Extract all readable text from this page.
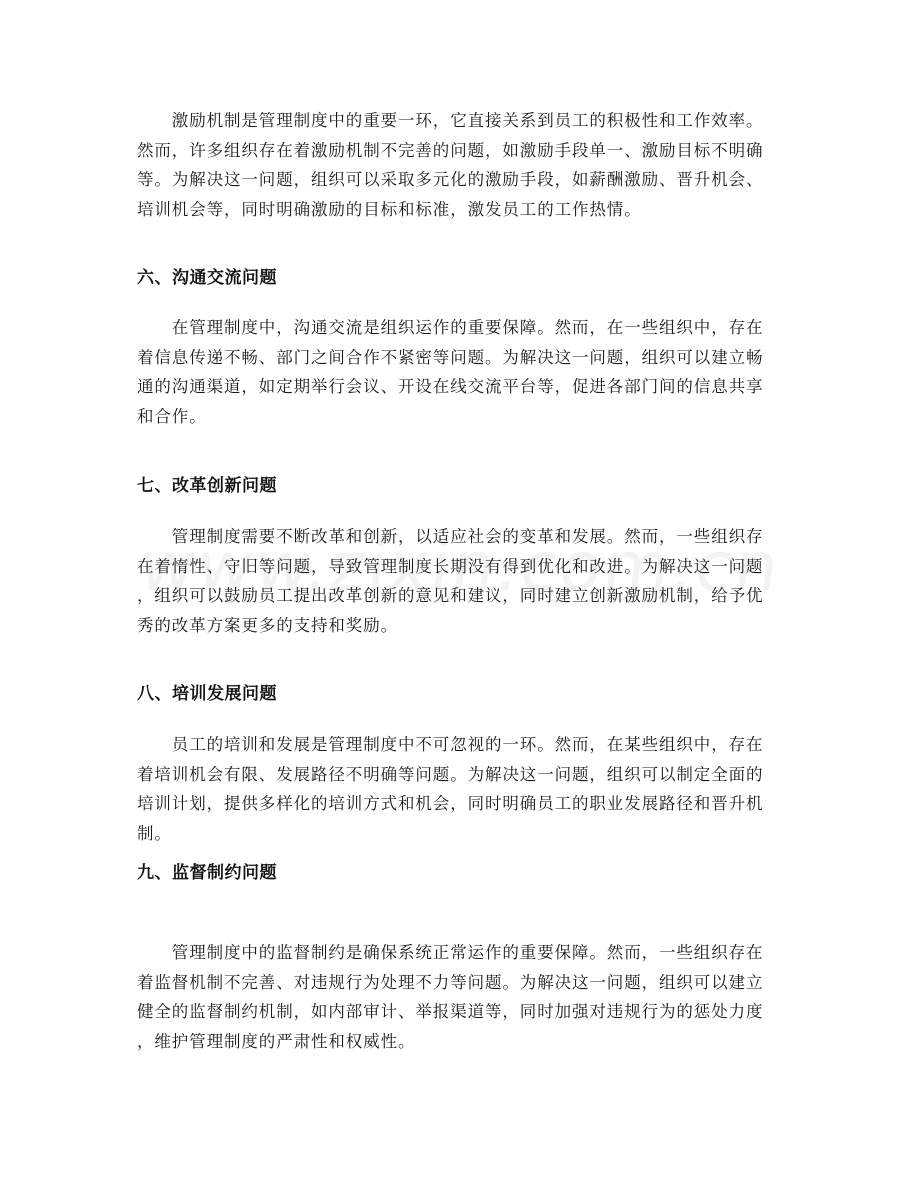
　　激励机制是管理制度中的重要一环，它直接关系到员工的积极性和工作效率。
然而，许多组织存在着激励机制不完善的问题，如激励手段单一、激励目标不明确
等。为解决这一问题，组织可以采取多元化的激励手段，如薪酬激励、晋升机会、
培训机会等，同时明确激励的目标和标准，激发员工的工作热情。
六、沟通交流问题
　　在管理制度中，沟通交流是组织运作的重要保障。然而，在一些组织中，存在
着信息传递不畅、部门之间合作不紧密等问题。为解决这一问题，组织可以建立畅
通的沟通渠道，如定期举行会议、开设在线交流平台等，促进各部门间的信息共享
和合作。
七、改革创新问题
　　管理制度需要不断改革和创新，以适应社会的变革和发展。然而，一些组织存
在着惰性、守旧等问题，导致管理制度长期没有得到优化和改进。为解决这一问题
，组织可以鼓励员工提出改革创新的意见和建议，同时建立创新激励机制，给予优
秀的改革方案更多的支持和奖励。
八、培训发展问题
　　员工的培训和发展是管理制度中不可忽视的一环。然而，在某些组织中，存在
着培训机会有限、发展路径不明确等问题。为解决这一问题，组织可以制定全面的
培训计划，提供多样化的培训方式和机会，同时明确员工的职业发展路径和晋升机
制。
九、监督制约问题
　　管理制度中的监督制约是确保系统正常运作的重要保障。然而，一些组织存在
着监督机制不完善、对违规行为处理不力等问题。为解决这一问题，组织可以建立
健全的监督制约机制，如内部审计、举报渠道等，同时加强对违规行为的惩处力度
，维护管理制度的严肃性和权威性。
